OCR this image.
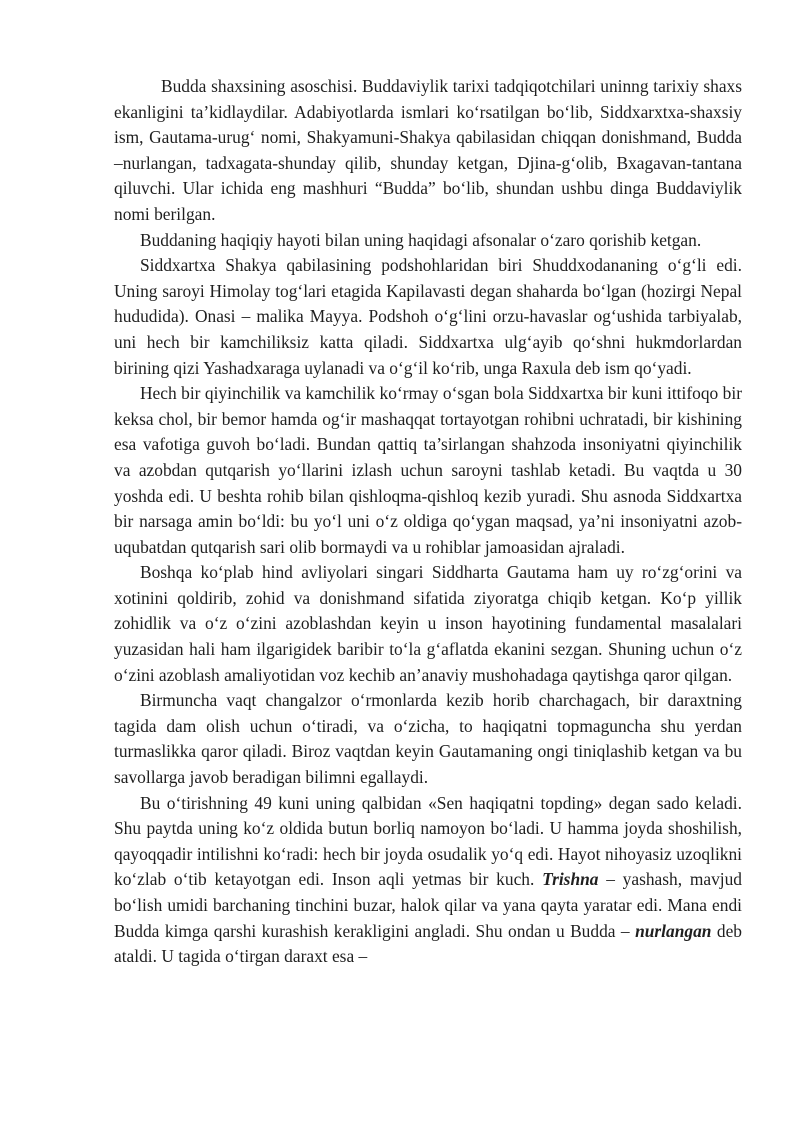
Budda shaxsining asoschisi. Buddaviylik tarixi tadqiqotchilari uninng tarixiy shaxs ekanligini ta’kidlaydilar. Adabiyotlarda ismlari ko‘rsatilgan bo‘lib, Siddxarxtxa-shaxsiy ism, Gautama-urug‘ nomi, Shakyamuni-Shakya qabilasidan chiqqan donishmand, Budda –nurlangan, tadxagata-shunday qilib, shunday ketgan, Djina-g‘olib, Bxagavan-tantana qiluvchi. Ular ichida eng mashhuri “Budda” bo‘lib, shundan ushbu dinga Buddaviylik nomi berilgan.

Buddaning haqiqiy hayoti bilan uning haqidagi afsonalar o‘zaro qorishib ketgan.

Siddxartxa Shakya qabilasining podshohlaridan biri Shuddxodananing o‘g‘li edi. Uning saroyi Himolay tog‘lari etagida Kapilavasti degan shaharda bo‘lgan (hozirgi Nepal hududida). Onasi – malika Mayya. Podshoh o‘g‘lini orzu-havaslar og‘ushida tarbiyalab, uni hech bir kamchiliksiz katta qiladi. Siddxartxa ulg‘ayib qo‘shni hukmdorlardan birining qizi Yashadxaraga uylanadi va o‘g‘il ko‘rib, unga Raxula deb ism qo‘yadi.

Hech bir qiyinchilik va kamchilik ko‘rmay o‘sgan bola Siddxartxa bir kuni ittifoqo bir keksa chol, bir bemor hamda og‘ir mashaqqat tortayotgan rohibni uchratadi, bir kishining esa vafotiga guvoh bo‘ladi. Bundan qattiq ta’sirlangan shahzoda insoniyatni qiyinchilik va azobdan qutqarish yo‘llarini izlash uchun saroyni tashlab ketadi. Bu vaqtda u 30 yoshda edi. U beshta rohib bilan qishloqma-qishloq kezib yuradi. Shu asnoda Siddxartxa bir narsaga amin bo‘ldi: bu yo‘l uni o‘z oldiga qo‘ygan maqsad, ya’ni insoniyatni azob-uqubatdan qutqarish sari olib bormaydi va u rohiblar jamoasidan ajraladi.

Boshqa ko‘plab hind avliyolari singari Siddharta Gautama ham uy ro‘zg‘orini va xotinini qoldirib, zohid va donishmand sifatida ziyoratga chiqib ketgan. Ko‘p yillik zohidlik va o‘z o‘zini azoblashdan keyin u inson hayotining fundamental masalalari yuzasidan hali ham ilgarigidek baribir to‘la g‘aflatda ekanini sezgan. Shuning uchun o‘z o‘zini azoblash amaliyotidan voz kechib an’anaviy mushohadaga qaytishga qaror qilgan.

Birmuncha vaqt changalzor o‘rmonlarda kezib horib charchagach, bir daraxtning tagida dam olish uchun o‘tiradi, va o‘zicha, to haqiqatni topmaguncha shu yerdan turmaslikka qaror qiladi. Biroz vaqtdan keyin Gautamaning ongi tiniqlashib ketgan va bu savollarga javob beradigan bilimni egallaydi.

Bu o‘tirishning 49 kuni uning qalbidan «Sen haqiqatni topding» degan sado keladi. Shu paytda uning ko‘z oldida butun borliq namoyon bo‘ladi. U hamma joyda shoshilish, qayoqqadir intilishni ko‘radi: hech bir joyda osudalik yo‘q edi. Hayot nihoyasiz uzoqlikni ko‘zlab o‘tib ketayotgan edi. Inson aqli yetmas bir kuch. Trishna – yashash, mavjud bo‘lish umidi barchaning tinchini buzar, halok qilar va yana qayta yaratar edi. Mana endi Budda kimga qarshi kurashish kerakligini angladi. Shu ondan u Budda – nurlangan deb ataldi. U tagida o‘tirgan daraxt esa –
